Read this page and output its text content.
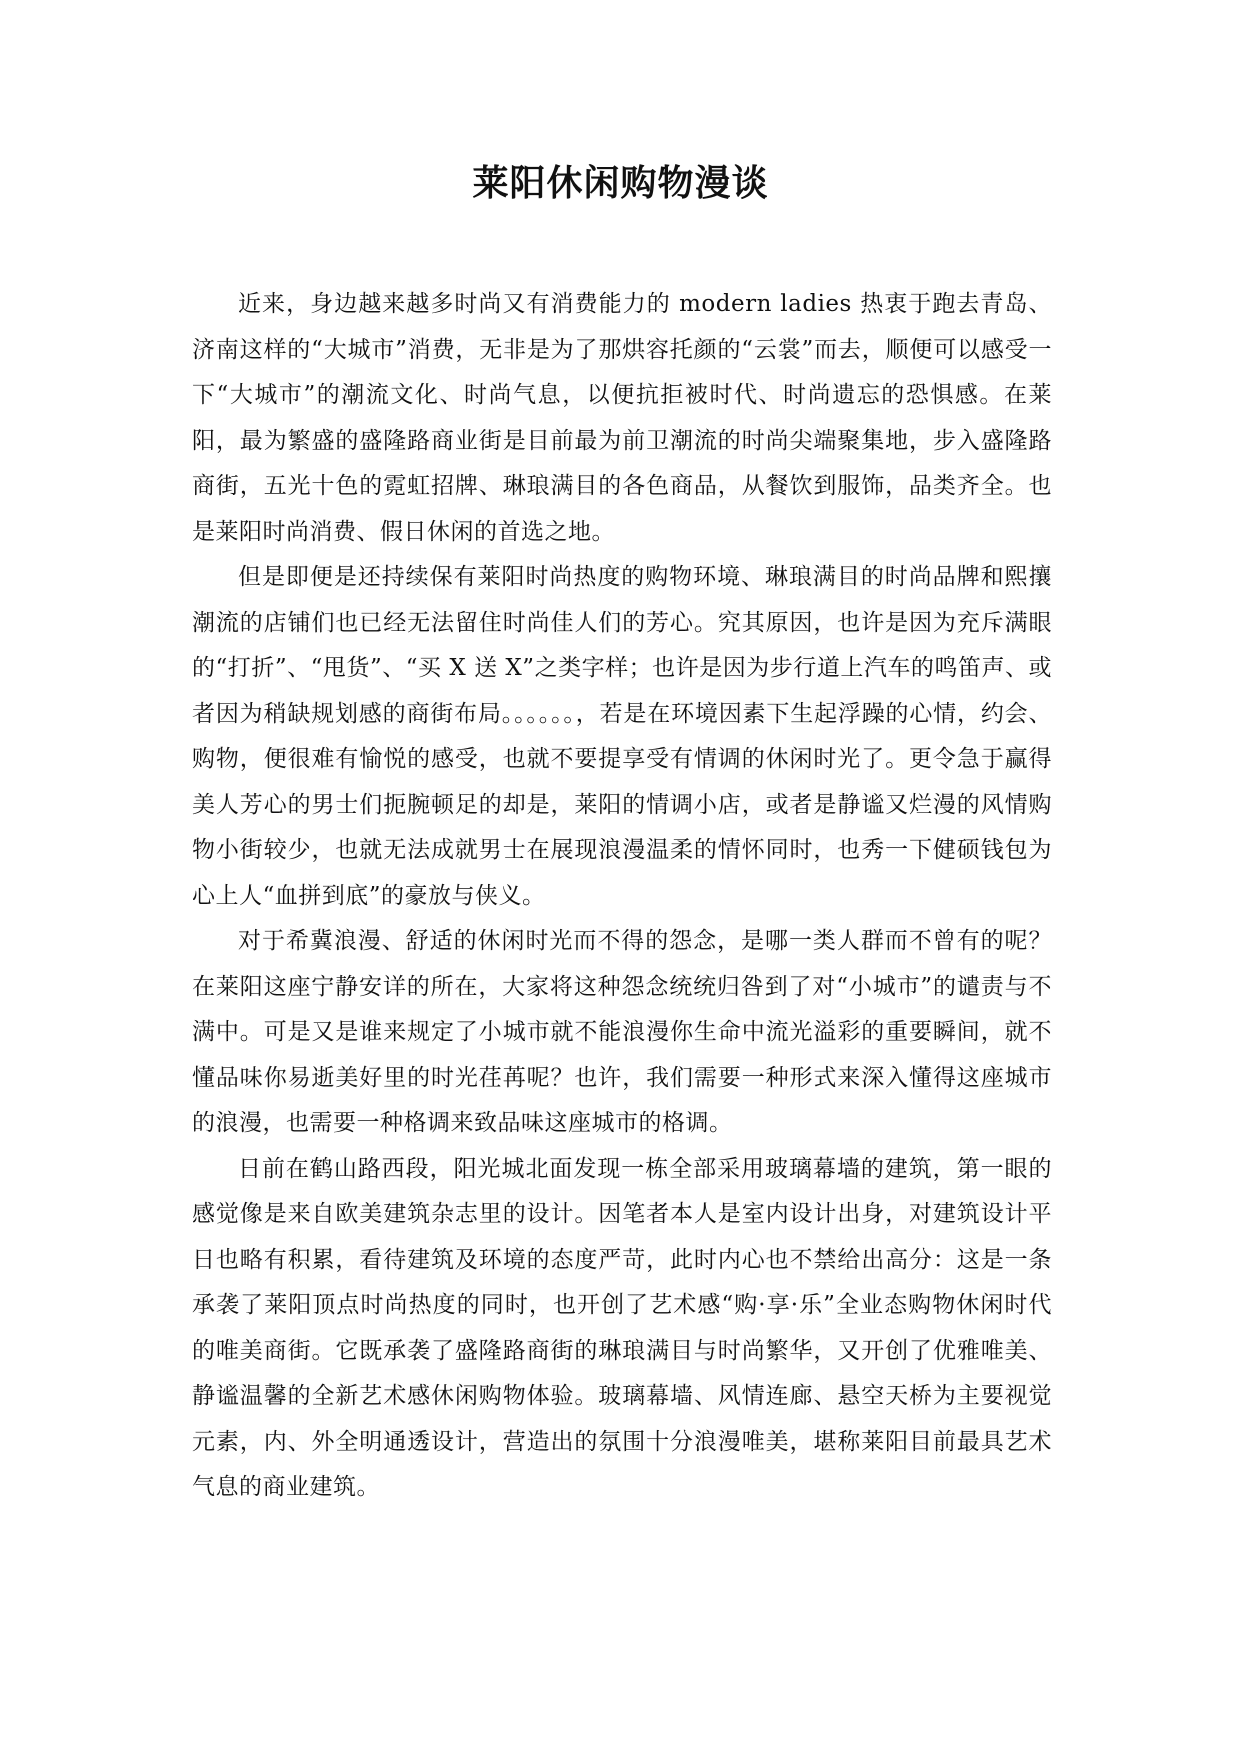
莱阳休闲购物漫谈

近来，身边越来越多时尚又有消费能力的 modern ladies 热衷于跑去青岛、济南这样的“大城市”消费，无非是为了那烘容托颜的“云裳”而去，顺便可以感受一下“大城市”的潮流文化、时尚气息，以便抗拒被时代、时尚遗忘的恐惧感。在莱阳，最为繁盛的盛隆路商业街是目前最为前卫潮流的时尚尖端聚集地，步入盛隆路商街，五光十色的霓虹招牌、琳琅满目的各色商品，从餐饮到服饰，品类齐全。也是莱阳时尚消费、假日休闲的首选之地。

但是即便是还持续保有莱阳时尚热度的购物环境、琳琅满目的时尚品牌和熙攘潮流的店铺们也已经无法留住时尚佳人们的芳心。究其原因，也许是因为充斥满眼的“打折”、“甩货”、“买 X 送 X”之类字样；也许是因为步行道上汽车的鸣笛声、或者因为稍缺规划感的商街布局。。。。。。，若是在环境因素下生起浮躁的心情，约会、购物，便很难有愉悦的感受，也就不要提享受有情调的休闲时光了。更令急于赢得美人芳心的男士们扼腕顿足的却是，莱阳的情调小店，或者是静谧又烂漫的风情购物小街较少，也就无法成就男士在展现浪漫温柔的情怀同时，也秀一下健硕钱包为心上人“血拼到底”的豪放与侠义。

对于希冀浪漫、舒适的休闲时光而不得的怨念，是哪一类人群而不曾有的呢？在莱阳这座宁静安详的所在，大家将这种怨念统统归咎到了对“小城市”的谴责与不满中。可是又是谁来规定了小城市就不能浪漫你生命中流光溢彩的重要瞬间，就不懂品味你易逝美好里的时光荏苒呢？也许，我们需要一种形式来深入懂得这座城市的浪漫，也需要一种格调来致品味这座城市的格调。

日前在鹤山路西段，阳光城北面发现一栋全部采用玻璃幕墙的建筑，第一眼的感觉像是来自欧美建筑杂志里的设计。因笔者本人是室内设计出身，对建筑设计平日也略有积累，看待建筑及环境的态度严苛，此时内心也不禁给出高分：这是一条承袭了莱阳顶点时尚热度的同时，也开创了艺术感“购·享·乐”全业态购物休闲时代的唯美商街。它既承袭了盛隆路商街的琳琅满目与时尚繁华，又开创了优雅唯美、静谧温馨的全新艺术感休闲购物体验。玻璃幕墙、风情连廊、悬空天桥为主要视觉元素，内、外全明通透设计，营造出的氛围十分浪漫唯美，堪称莱阳目前最具艺术气息的商业建筑。
